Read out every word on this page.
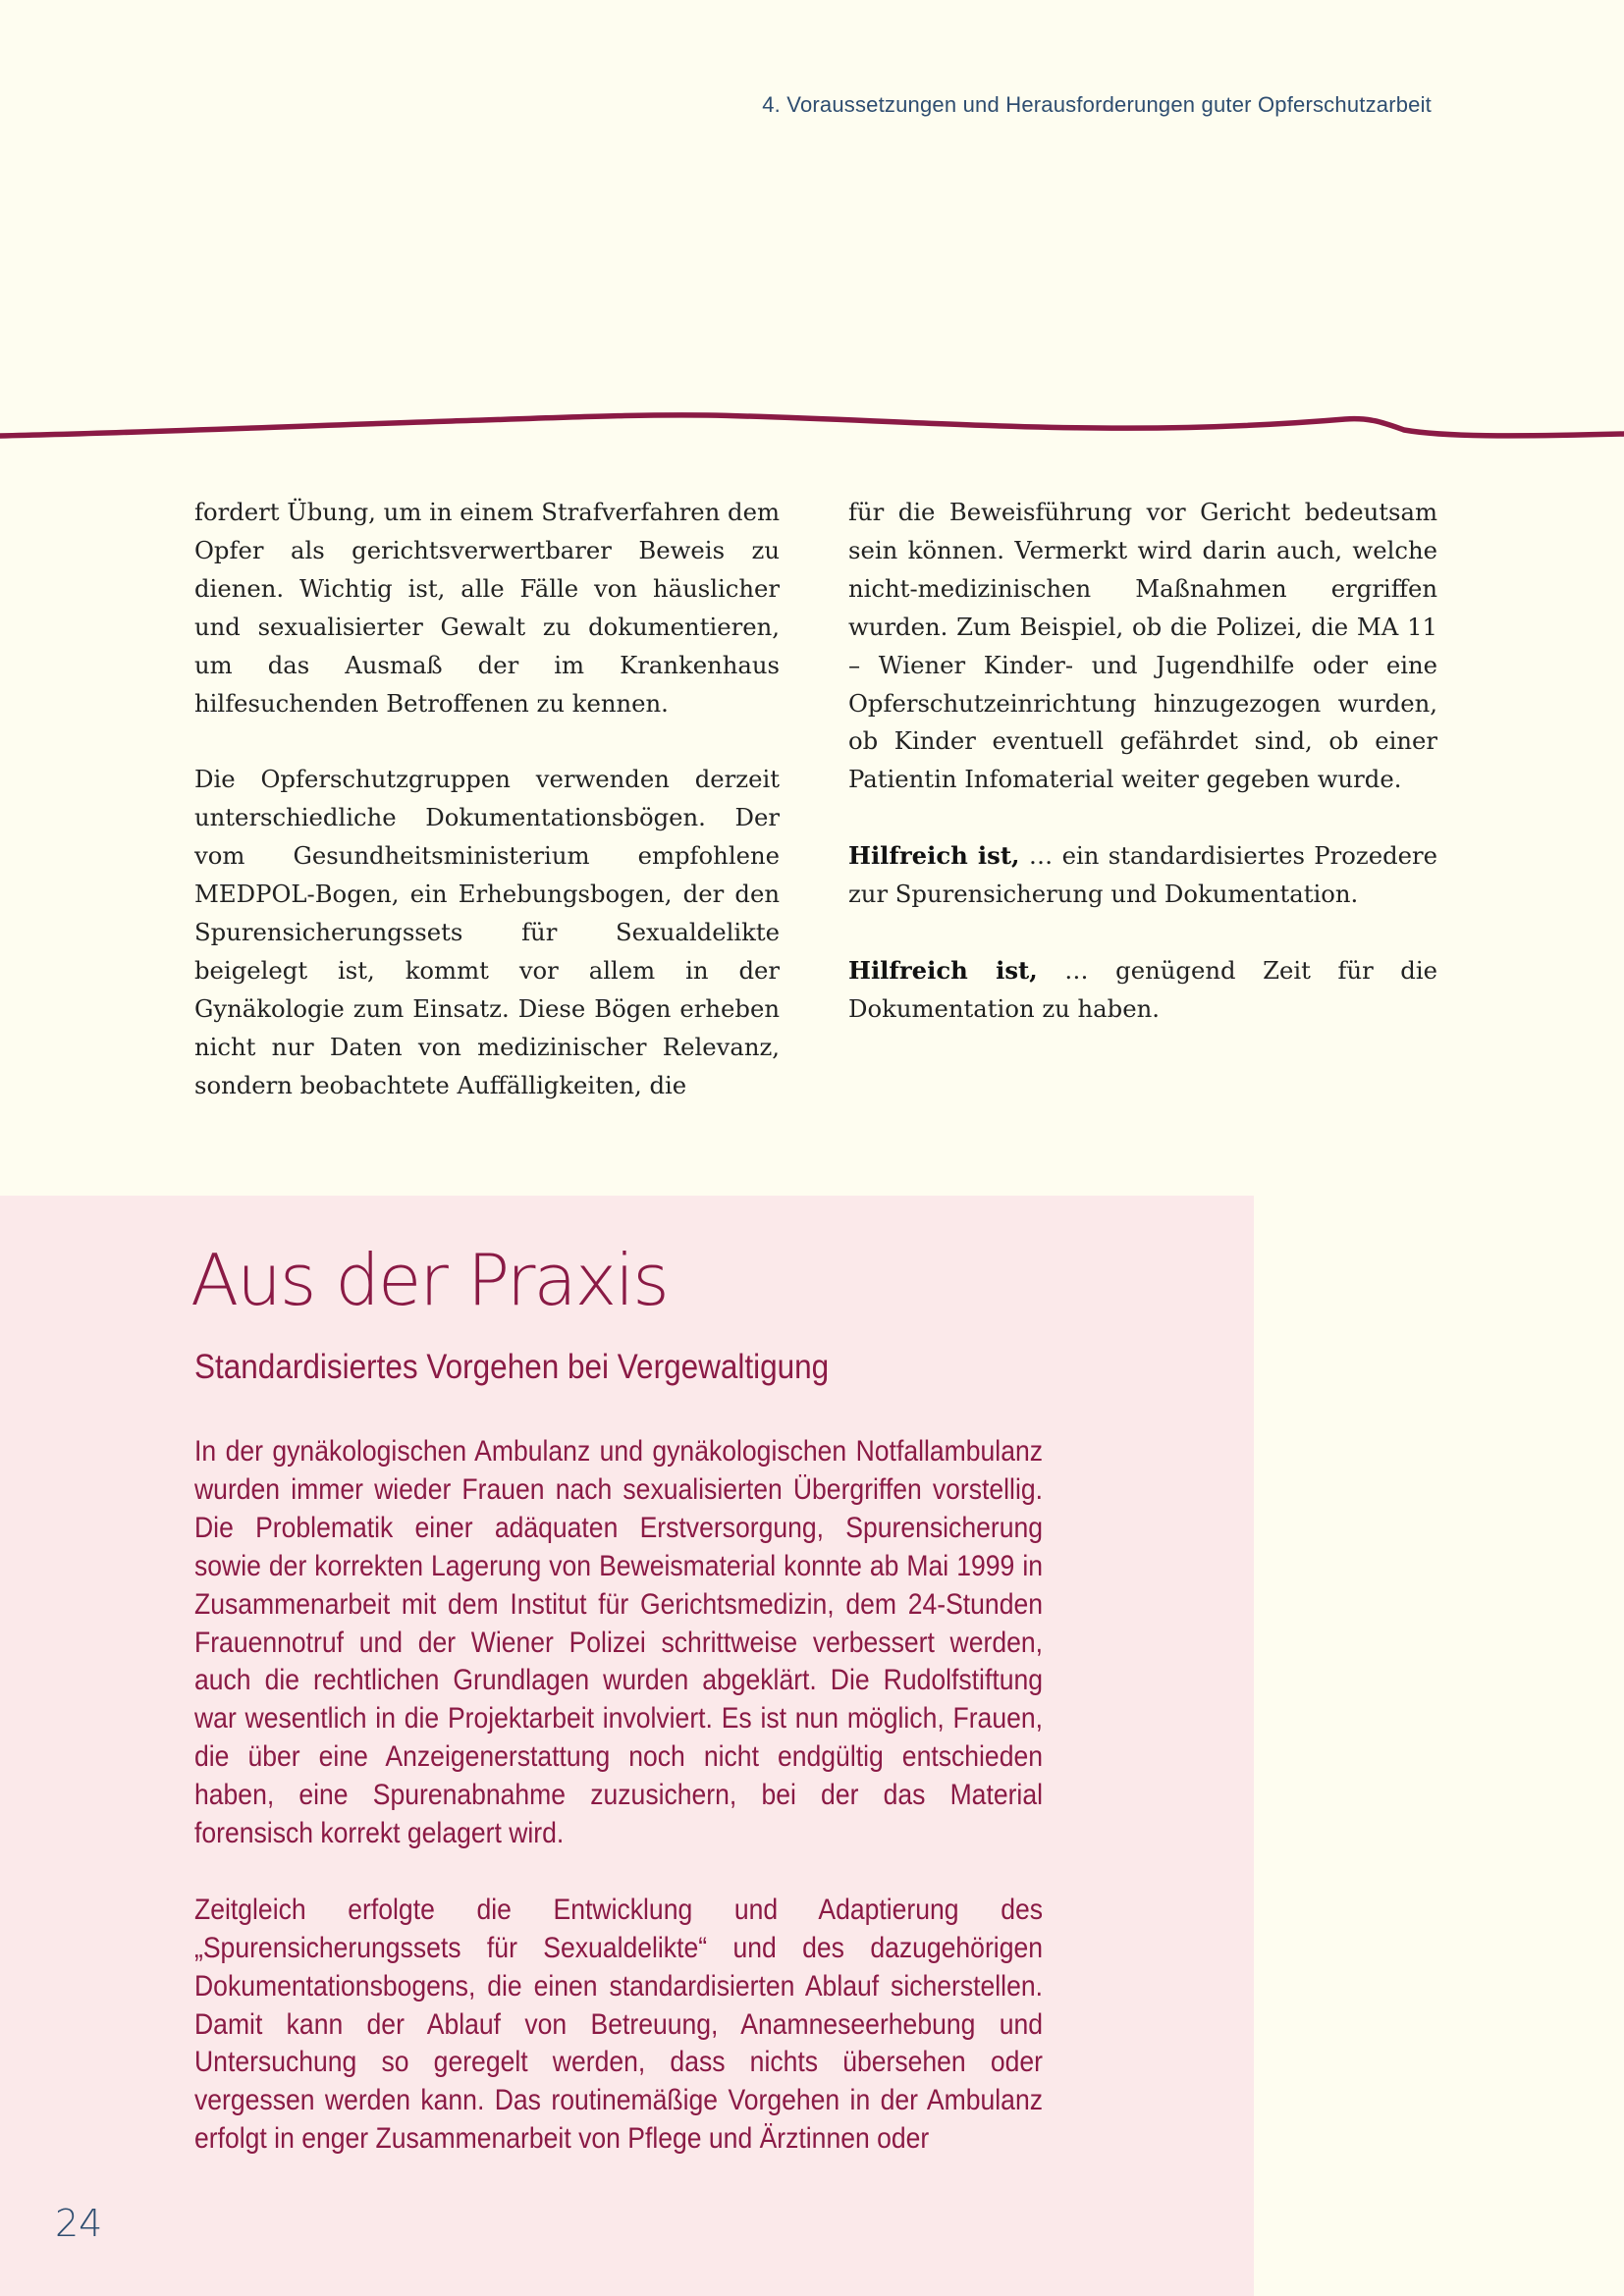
4. Voraussetzungen und Herausforderungen guter Opferschutzarbeit

fordert Übung, um in einem Strafverfahren dem Opfer als gerichtsverwertbarer Beweis zu dienen. Wichtig ist, alle Fälle von häuslicher und sexualisierter Gewalt zu dokumentieren, um das Ausmaß der im Krankenhaus hilfesuchenden Betroffenen zu kennen.

Die Opferschutzgruppen verwenden derzeit unterschiedliche Dokumentationsbögen. Der vom Gesundheitsministerium empfohlene MEDPOL-Bogen, ein Erhebungsbogen, der den Spurensicherungssets für Sexualdelikte beigelegt ist, kommt vor allem in der Gynäkologie zum Einsatz. Diese Bögen erheben nicht nur Daten von medizinischer Relevanz, sondern beobachtete Auffälligkeiten, die

für die Beweisführung vor Gericht bedeutsam sein können. Vermerkt wird darin auch, welche nicht-medizinischen Maßnahmen ergriffen wurden. Zum Beispiel, ob die Polizei, die MA 11 – Wiener Kinder- und Jugendhilfe oder eine Opferschutzeinrichtung hinzugezogen wurden, ob Kinder eventuell gefährdet sind, ob einer Patientin Infomaterial weiter gegeben wurde.

Hilfreich ist, … ein standardisiertes Prozedere zur Spurensicherung und Dokumentation.

Hilfreich ist, … genügend Zeit für die Dokumentation zu haben.

Aus der Praxis
Standardisiertes Vorgehen bei Vergewaltigung

In der gynäkologischen Ambulanz und gynäkologischen Notfallambulanz wurden immer wieder Frauen nach sexualisierten Übergriffen vorstellig. Die Problematik einer adäquaten Erstversorgung, Spurensicherung sowie der korrekten Lagerung von Beweismaterial konnte ab Mai 1999 in Zusammenarbeit mit dem Institut für Gerichtsmedizin, dem 24-Stunden Frauennotruf und der Wiener Polizei schrittweise verbessert werden, auch die rechtlichen Grundlagen wurden abgeklärt. Die Rudolfstiftung war wesentlich in die Projektarbeit involviert. Es ist nun möglich, Frauen, die über eine Anzeigenerstattung noch nicht endgültig entschieden haben, eine Spurenabnahme zuzusichern, bei der das Material forensisch korrekt gelagert wird.

Zeitgleich erfolgte die Entwicklung und Adaptierung des „Spurensicherungssets für Sexualdelikte“ und des dazugehörigen Dokumentationsbogens, die einen standardisierten Ablauf sicherstellen. Damit kann der Ablauf von Betreuung, Anamneseerhebung und Untersuchung so geregelt werden, dass nichts übersehen oder vergessen werden kann. Das routinemäßige Vorgehen in der Ambulanz erfolgt in enger Zusammenarbeit von Pflege und Ärztinnen oder

24
